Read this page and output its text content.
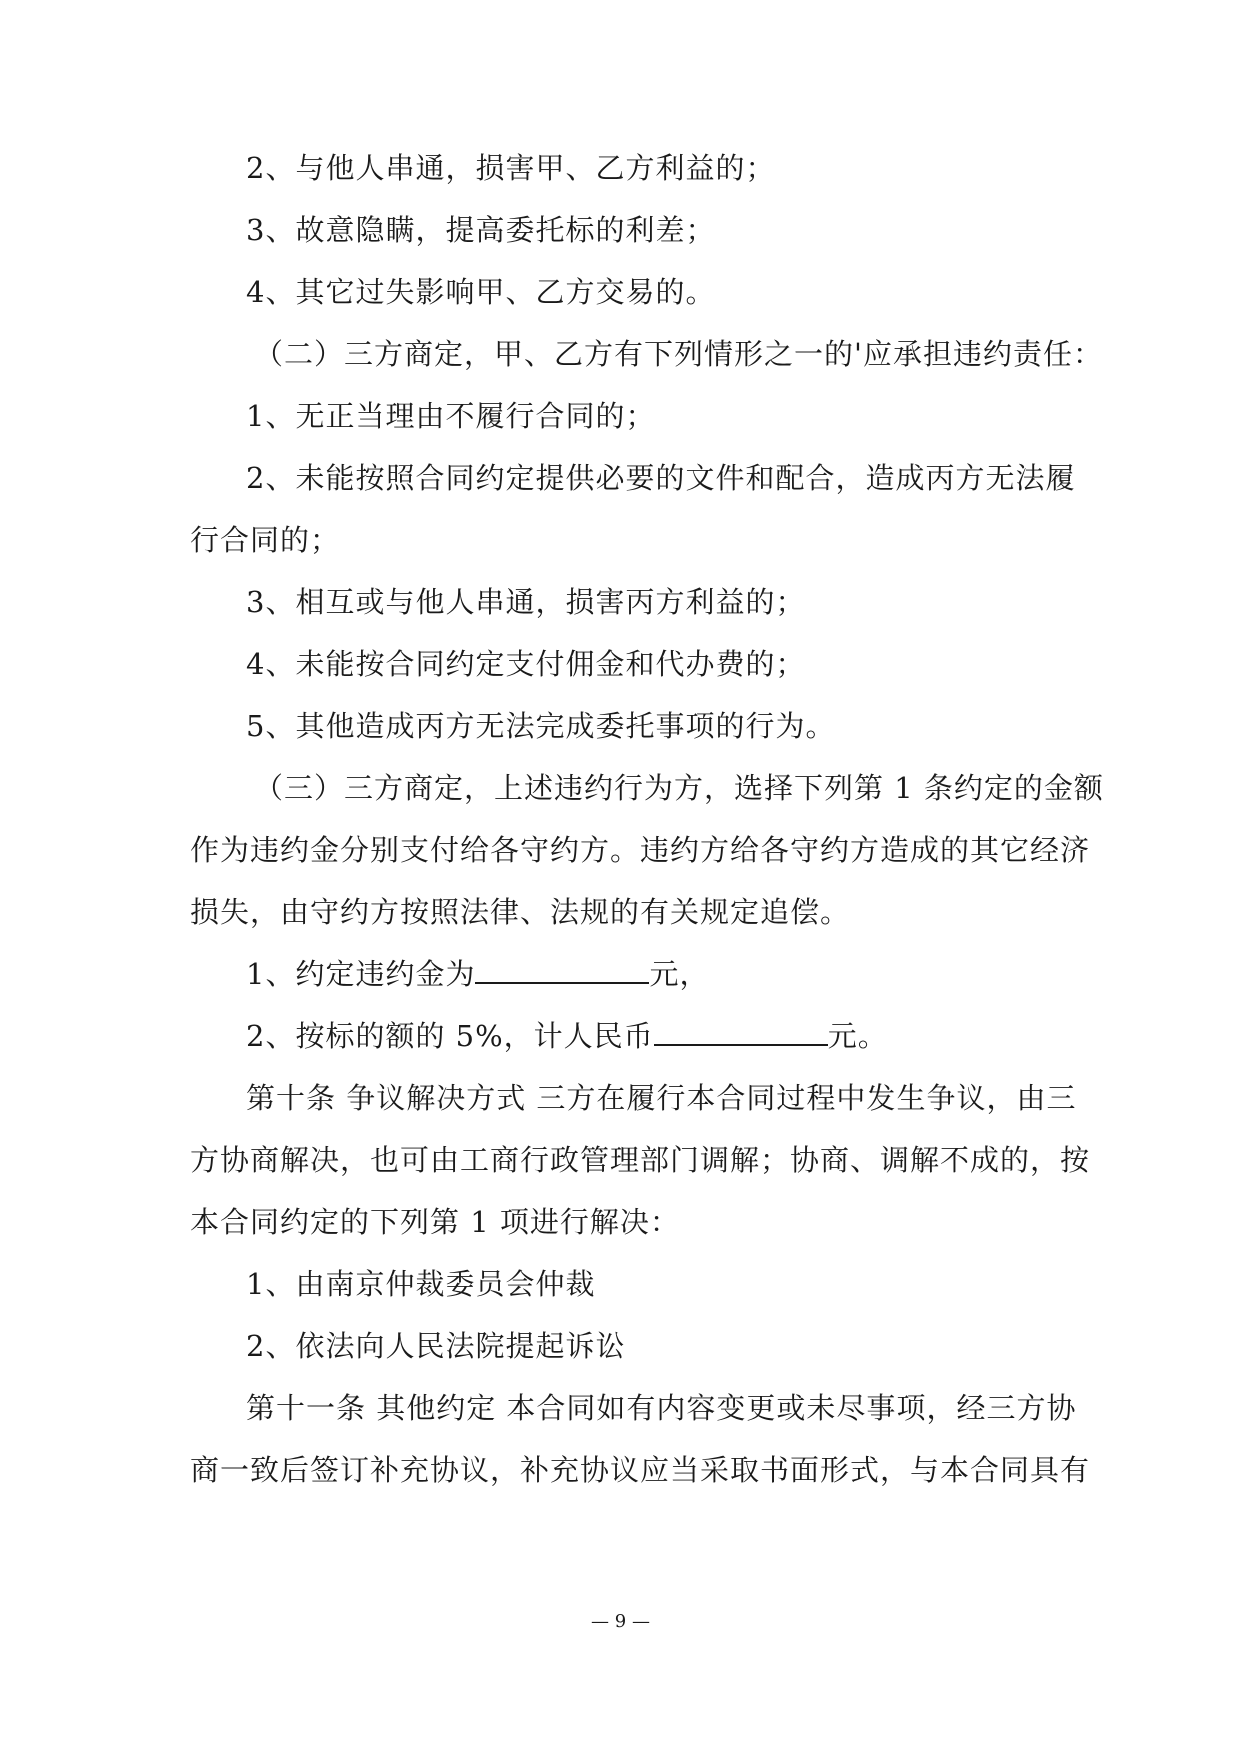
2、与他人串通，损害甲、乙方利益的；
3、故意隐瞒，提高委托标的利差；
4、其它过失影响甲、乙方交易的。
（二）三方商定，甲、乙方有下列情形之一的'应承担违约责任：
1、无正当理由不履行合同的；
2、未能按照合同约定提供必要的文件和配合，造成丙方无法履
行合同的；
3、相互或与他人串通，损害丙方利益的；
4、未能按合同约定支付佣金和代办费的；
5、其他造成丙方无法完成委托事项的行为。
（三）三方商定，上述违约行为方，选择下列第 1 条约定的金额
作为违约金分别支付给各守约方。违约方给各守约方造成的其它经济
损失，由守约方按照法律、法规的有关规定追偿。
1、约定违约金为	元，
2、按标的额的 5%，计人民币	元。
第十条 争议解决方式 三方在履行本合同过程中发生争议，由三
方协商解决，也可由工商行政管理部门调解；协商、调解不成的，按
本合同约定的下列第 1 项进行解决：
1、由南京仲裁委员会仲裁
2、依法向人民法院提起诉讼
第十一条 其他约定 本合同如有内容变更或未尽事项，经三方协
商一致后签订补充协议，补充协议应当采取书面形式，与本合同具有
— 9 —
